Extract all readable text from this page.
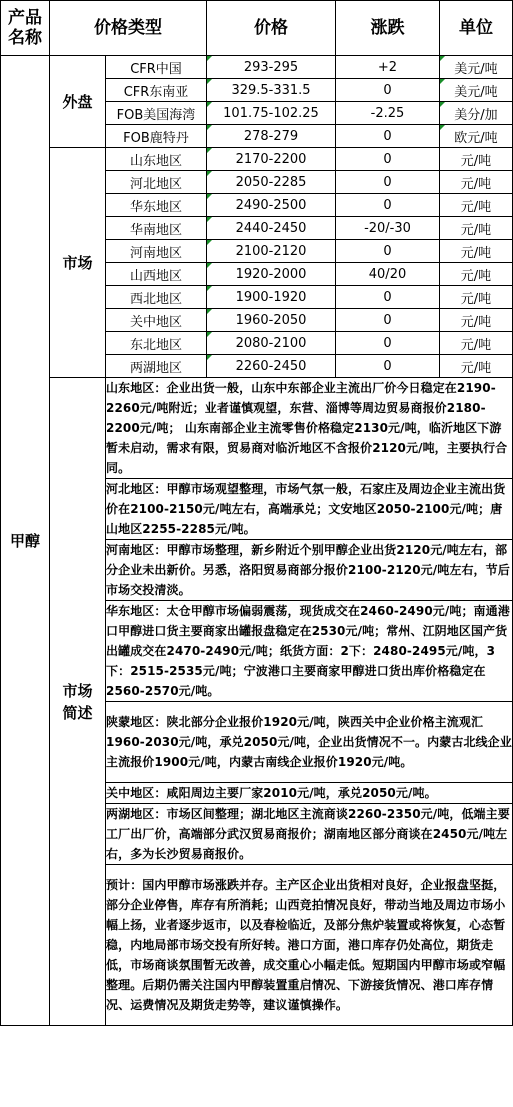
产品名称	价格类型		价格	涨跌	单位
甲醇	外盘	CFR中国	293-295	+2	美元/吨
		CFR东南亚	329.5-331.5	0	美元/吨
		FOB美国海湾	101.75-102.25	-2.25	美分/加
		FOB鹿特丹	278-279	0	欧元/吨
	市场	山东地区	2170-2200	0	元/吨
		河北地区	2050-2285	0	元/吨
		华东地区	2490-2500	0	元/吨
		华南地区	2440-2450	-20/-30	元/吨
		河南地区	2100-2120	0	元/吨
		山西地区	1920-2000	40/20	元/吨
		西北地区	1900-1920	0	元/吨
		关中地区	1960-2050	0	元/吨
		东北地区	2080-2100	0	元/吨
		两湖地区	2260-2450	0	元/吨
	市场简述	山东地区：企业出货一般，山东中东部企业主流出厂价今日稳定在2190-2260元/吨附近；业者谨慎观望，东营、淄博等周边贸易商报价2180-2200元/吨； 山东南部企业主流零售价格稳定2130元/吨，临沂地区下游暂未启动，需求有限，贸易商对临沂地区不含报价2120元/吨，主要执行合同。			
		河北地区：甲醇市场观望整理，市场气氛一般，石家庄及周边企业主流出货价在2100-2150元/吨左右，高端承兑；文安地区2050-2100元/吨；唐山地区2255-2285元/吨。			
		河南地区：甲醇市场整理，新乡附近个别甲醇企业出货2120元/吨左右，部分企业未出新价。另悉，洛阳贸易商部分报价2100-2120元/吨左右，节后市场交投清淡。			
		华东地区：太仓甲醇市场偏弱震荡，现货成交在2460-2490元/吨；南通港口甲醇进口货主要商家出罐报盘稳定在2530元/吨；常州、江阴地区国产货出罐成交在2470-2490元/吨；纸货方面：2下：2480-2495元/吨，3下：2515-2535元/吨；宁波港口主要商家甲醇进口货出库价格稳定在2560-2570元/吨。			
		陕蒙地区：陕北部分企业报价1920元/吨，陕西关中企业价格主流观汇1960-2030元/吨，承兑2050元/吨，企业出货情况不一。内蒙古北线企业主流报价1900元/吨，内蒙古南线企业报价1920元/吨。			
		关中地区：咸阳周边主要厂家2010元/吨，承兑2050元/吨。			
		两湖地区：市场区间整理；湖北地区主流商谈2260-2350元/吨，低端主要工厂出厂价，高端部分武汉贸易商报价；湖南地区部分商谈在2450元/吨左右，多为长沙贸易商报价。			
		预计：国内甲醇市场涨跌并存。主产区企业出货相对良好，企业报盘坚挺，部分企业停售，库存有所消耗；山西竞拍情况良好，带动当地及周边市场小幅上扬，业者逐步返市，以及春检临近，及部分焦炉装置或将恢复，心态暂稳，内地局部市场交投有所好转。港口方面，港口库存仍处高位，期货走低，市场商谈氛围暂无改善，成交重心小幅走低。短期国内甲醇市场或窄幅整理。后期仍需关注国内甲醇装置重启情况、下游接货情况、港口库存情况、运费情况及期货走势等，建议谨慎操作。			
